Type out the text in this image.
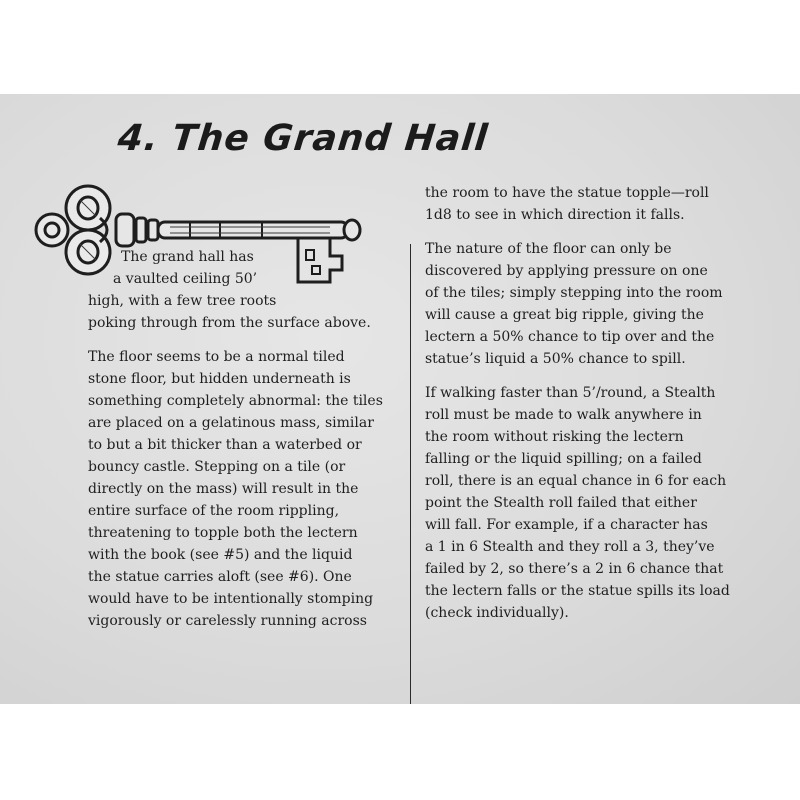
4. The Grand Hall

The grand hall has
a vaulted ceiling 50’
high, with a few tree roots
poking through from the surface above.

The floor seems to be a normal tiled
stone floor, but hidden underneath is
something completely abnormal: the tiles
are placed on a gelatinous mass, similar
to but a bit thicker than a waterbed or
bouncy castle. Stepping on a tile (or
directly on the mass) will result in the
entire surface of the room rippling,
threatening to topple both the lectern
with the book (see #5) and the liquid
the statue carries aloft (see #6). One
would have to be intentionally stomping
vigorously or carelessly running across

the room to have the statue topple—roll
1d8 to see in which direction it falls.

The nature of the floor can only be
discovered by applying pressure on one
of the tiles; simply stepping into the room
will cause a great big ripple, giving the
lectern a 50% chance to tip over and the
statue’s liquid a 50% chance to spill.

If walking faster than 5’/round, a Stealth
roll must be made to walk anywhere in
the room without risking the lectern
falling or the liquid spilling; on a failed
roll, there is an equal chance in 6 for each
point the Stealth roll failed that either
will fall. For example, if a character has
a 1 in 6 Stealth and they roll a 3, they’ve
failed by 2, so there’s a 2 in 6 chance that
the lectern falls or the statue spills its load
(check individually).
